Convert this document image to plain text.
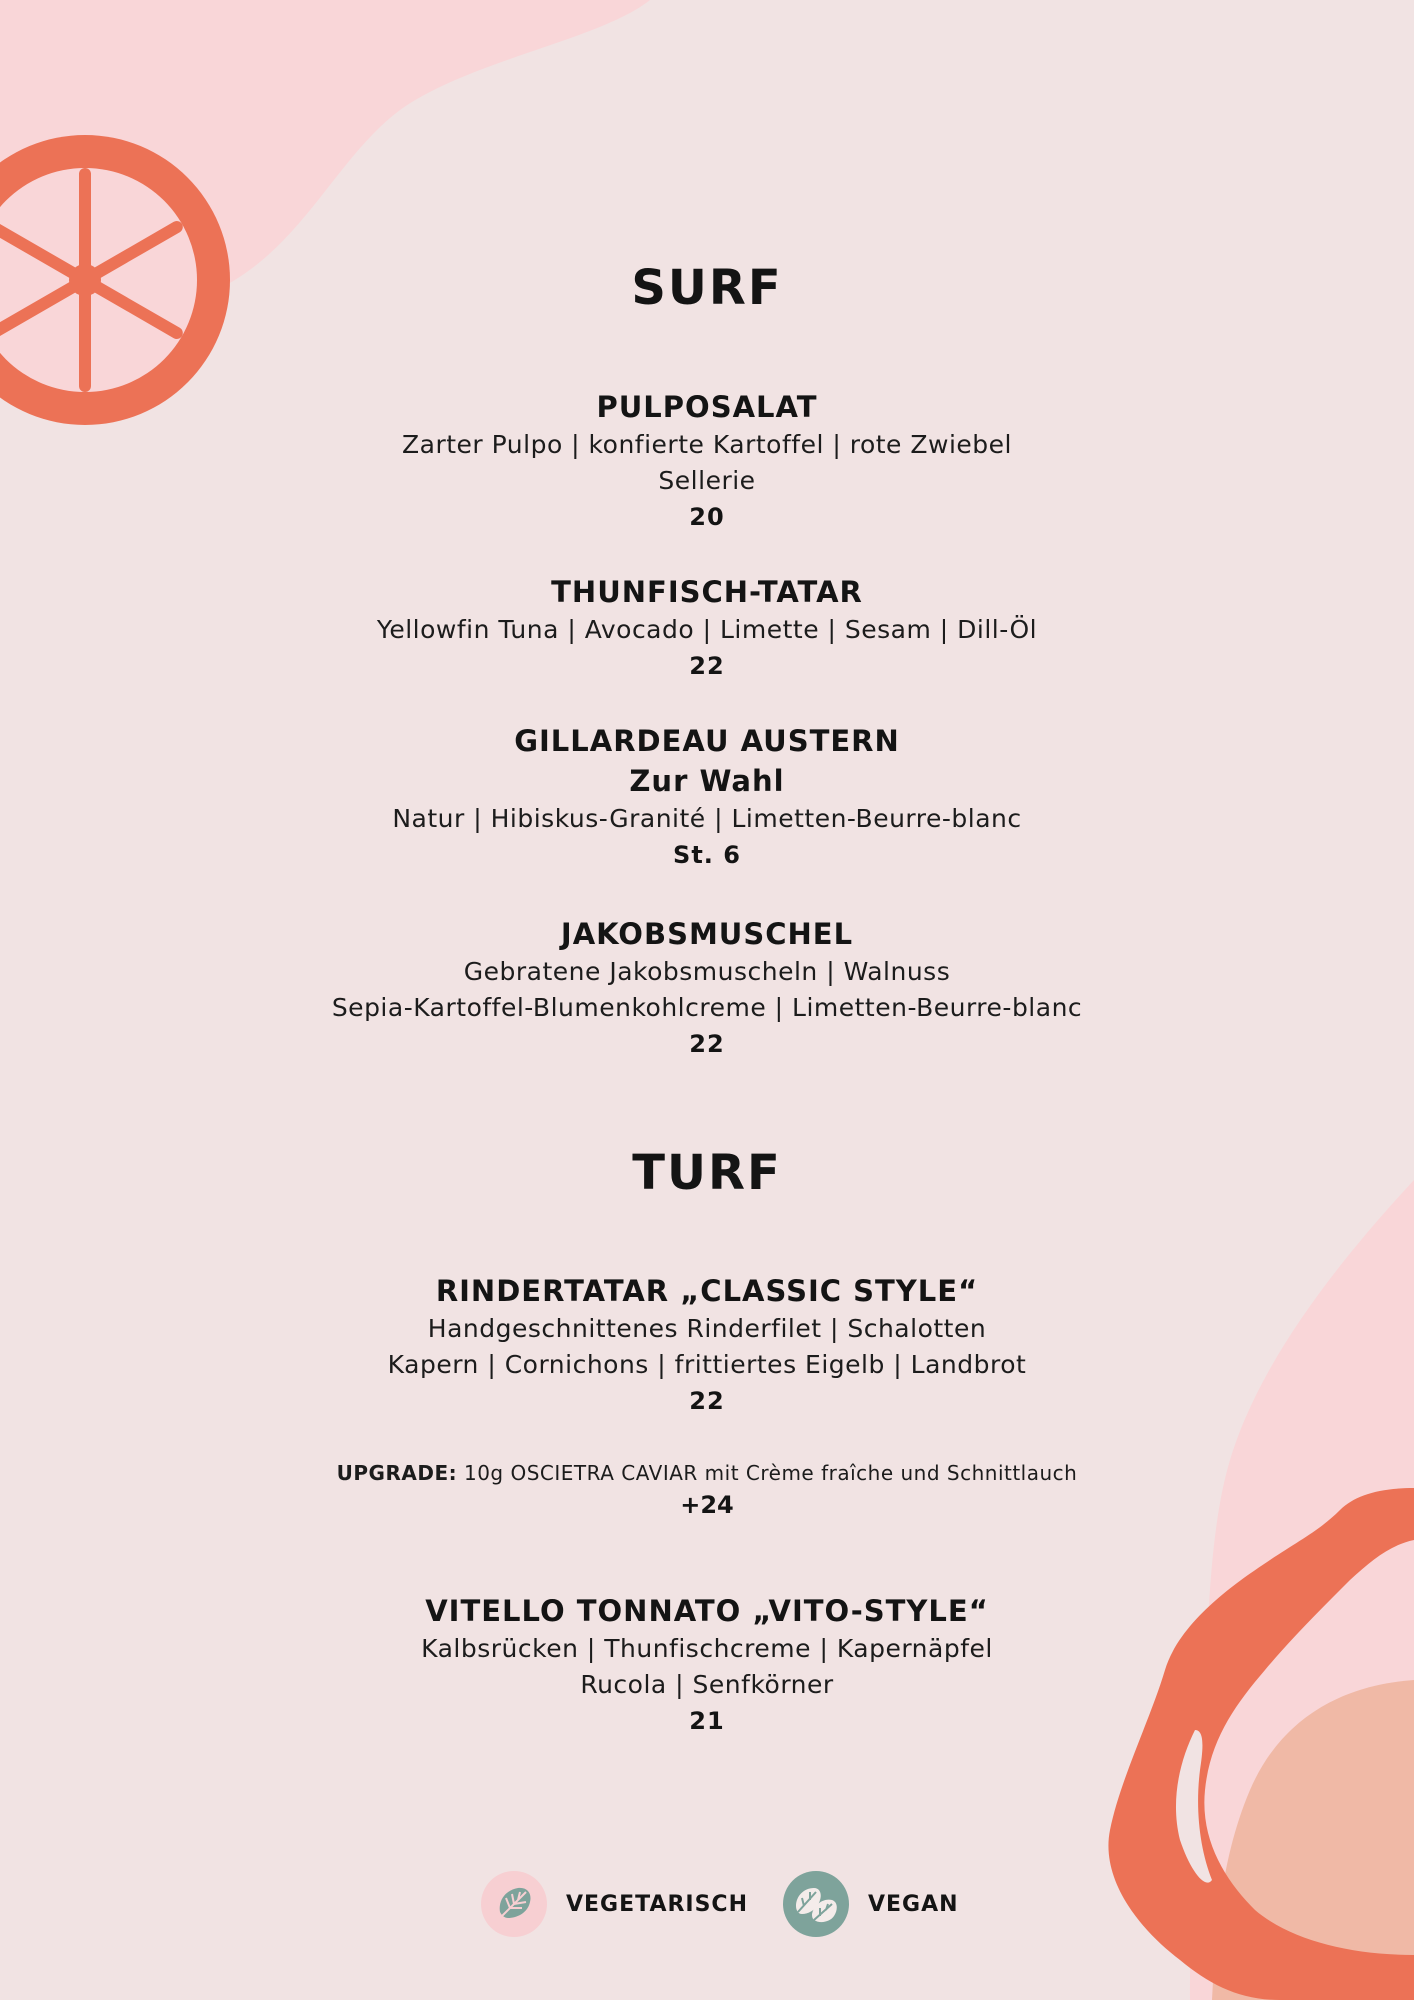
SURF
PULPOSALAT
Zarter Pulpo | konfierte Kartoffel | rote Zwiebel
Sellerie
20
THUNFISCH-TATAR
Yellowfin Tuna | Avocado | Limette | Sesam | Dill-Öl
22
GILLARDEAU AUSTERN
Zur Wahl
Natur | Hibiskus-Granité | Limetten-Beurre-blanc
St. 6
JAKOBSMUSCHEL
Gebratene Jakobsmuscheln | Walnuss
Sepia-Kartoffel-Blumenkohlcreme | Limetten-Beurre-blanc
22
TURF
RINDERTATAR „CLASSIC STYLE“
Handgeschnittenes Rinderfilet | Schalotten
Kapern | Cornichons | frittiertes Eigelb | Landbrot
22
UPGRADE: 10g OSCIETRA CAVIAR mit Crème fraîche und Schnittlauch
+24
VITELLO TONNATO „VITO-STYLE“
Kalbsrücken | Thunfischcreme | Kapernäpfel
Rucola | Senfkörner
21
VEGETARISCH	VEGAN
